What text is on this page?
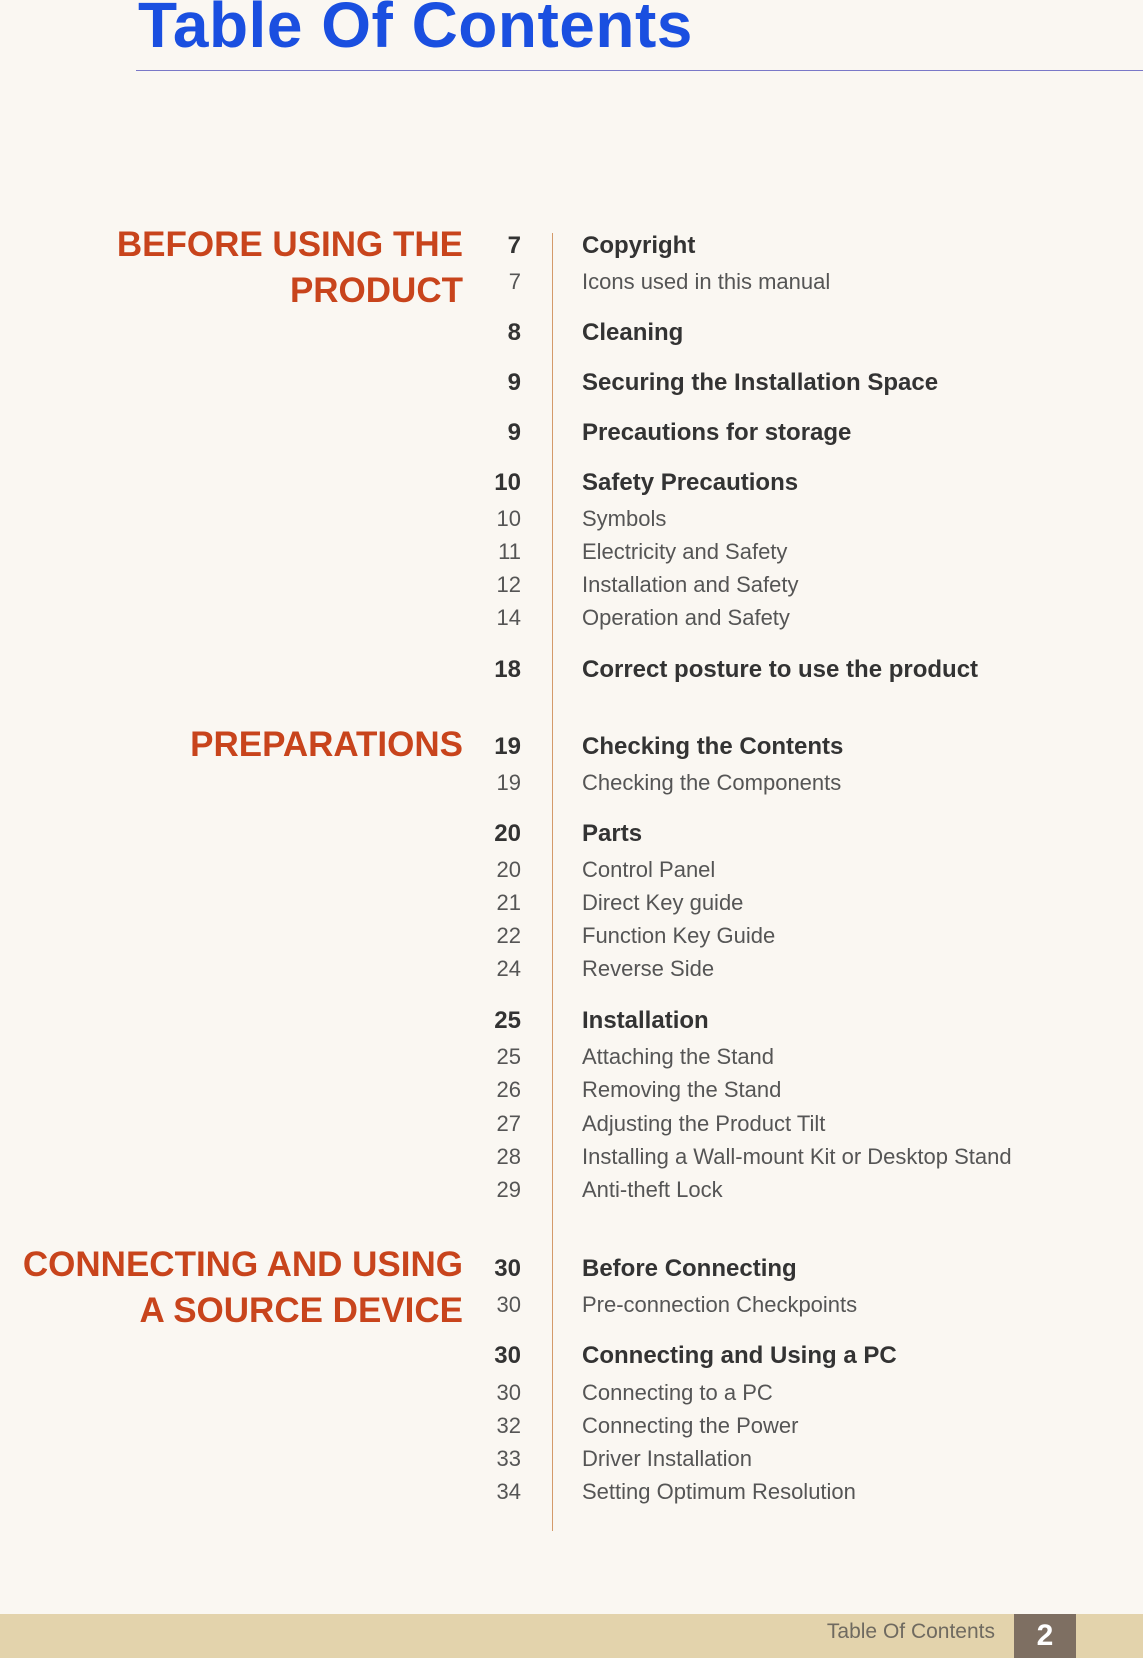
Table Of Contents
BEFORE USING THE
PRODUCT
7	Copyright
7	Icons used in this manual
8	Cleaning
9	Securing the Installation Space
9	Precautions for storage
10	Safety Precautions
10	Symbols
11	Electricity and Safety
12	Installation and Safety
14	Operation and Safety
18	Correct posture to use the product
PREPARATIONS 19	Checking the Contents
19	Checking the Components
20	Parts
20	Control Panel
21	Direct Key guide
22	Function Key Guide
24	Reverse Side
25	Installation
25	Attaching the Stand
26	Removing the Stand
27	Adjusting the Product Tilt
28	Installing a Wall-mount Kit or Desktop Stand
29	Anti-theft Lock
CONNECTING AND USING
A SOURCE DEVICE
30	Before Connecting
30	Pre-connection Checkpoints
30	Connecting and Using a PC
30	Connecting to a PC
32	Connecting the Power
33	Driver Installation
34	Setting Optimum Resolution
Table Of Contents	2
